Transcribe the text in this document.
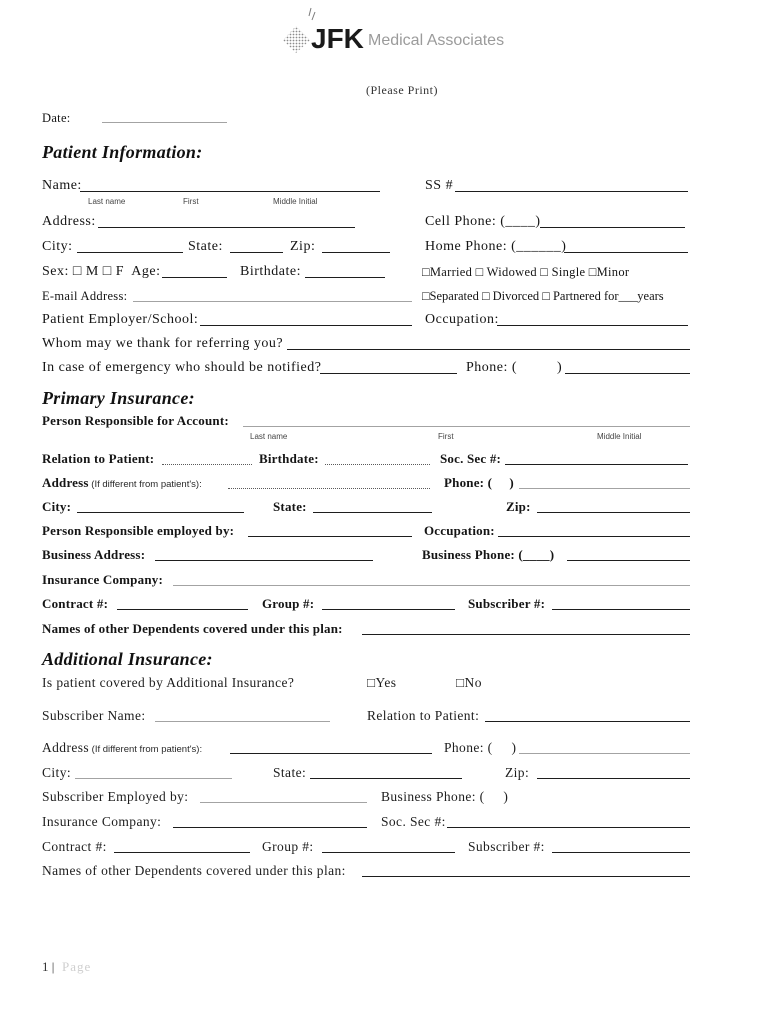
JFK Medical Associates
(Please Print)
Date:
Patient Information:
Name:
Last name	First	Middle Initial
SS #
Address:	Cell Phone: (____)
City:	State:	Zip:	Home Phone: (______)
Sex: □ M □ F  Age:	Birthdate:	□Married □ Widowed □ Single □Minor
E-mail Address:	□Separated □ Divorced □ Partnered for___years
Patient Employer/School:	Occupation:
Whom may we thank for referring you?
In case of emergency who should be notified?	Phone: (          )
Primary Insurance:
Person Responsible for Account:
Last name	First	Middle Initial
Relation to Patient:	Birthdate:	Soc. Sec #:
Address (If different from patient's):	Phone: (     )
City:	State:	Zip:
Person Responsible employed by:	Occupation:
Business Address:	Business Phone: (____)
Insurance Company:
Contract #:	Group #:	Subscriber #:
Names of other Dependents covered under this plan:
Additional Insurance:
Is patient covered by Additional Insurance?	□Yes	□No
Subscriber Name:	Relation to Patient:
Address (If different from patient's):	Phone: (     )
City:	State:	Zip:
Subscriber Employed by:	Business Phone: (     )
Insurance Company:	Soc. Sec #:
Contract #:	Group #:	Subscriber #:
Names of other Dependents covered under this plan:
1 | Page
